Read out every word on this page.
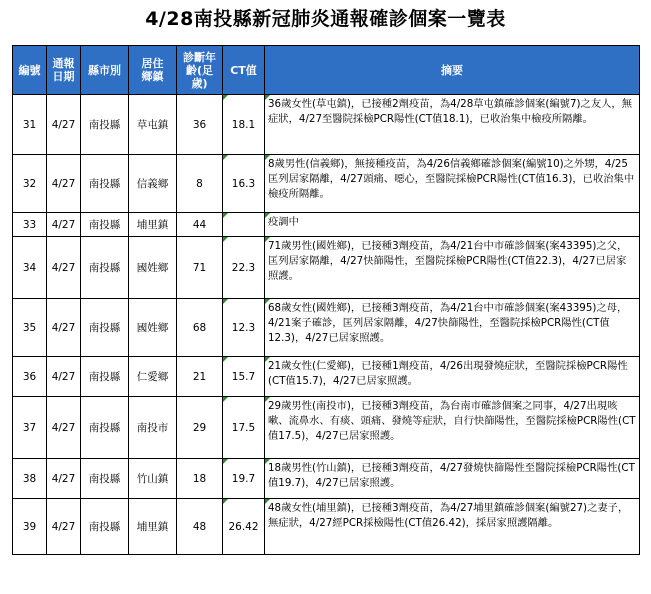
4/28南投縣新冠肺炎通報確診個案一覽表
編號	通報日期	縣市別	居住鄉鎮	診斷年齡(足歲)	CT值	摘要
31	4/27	南投縣	草屯鎮	36	18.1	36歲女性(草屯鎮)，已接種2劑疫苗，為4/28草屯鎮確診個案(編號7)之友人，無症狀，4/27至醫院採檢PCR陽性(CT值18.1)，已收治集中檢疫所隔離。
32	4/27	南投縣	信義鄉	8	16.3	8歲男性(信義鄉)，無接種疫苗，為4/26信義鄉確診個案(編號10)之外甥，4/25匡列居家隔離，4/27頭痛、噁心，至醫院採檢PCR陽性(CT值16.3)，已收治集中檢疫所隔離。
33	4/27	南投縣	埔里鎮	44		疫調中
34	4/27	南投縣	國姓鄉	71	22.3	71歲男性(國姓鄉)，已接種3劑疫苗，為4/21台中市確診個案(案43395)之父，匡列居家隔離，4/27快篩陽性，至醫院採檢PCR陽性(CT值22.3)，4/27已居家照護。
35	4/27	南投縣	國姓鄉	68	12.3	68歲女性(國姓鄉)，已接種3劑疫苗，為4/21台中市確診個案(案43395)之母，4/21案子確診，匡列居家隔離，4/27快篩陽性，至醫院採檢PCR陽性(CT值12.3)，4/27已居家照護。
36	4/27	南投縣	仁愛鄉	21	15.7	21歲女性(仁愛鄉)，已接種1劑疫苗，4/26出現發燒症狀，至醫院採檢PCR陽性(CT值15.7)，4/27已居家照護。
37	4/27	南投縣	南投市	29	17.5	29歲男性(南投市)，已接種3劑疫苗，為台南市確診個案之同事，4/27出現咳嗽、流鼻水、有痰、頭痛、發燒等症狀，自行快篩陽性，至醫院採檢PCR陽性(CT值17.5)，4/27已居家照護。
38	4/27	南投縣	竹山鎮	18	19.7	18歲男性(竹山鎮)，已接種3劑疫苗，4/27發燒快篩陽性至醫院採檢PCR陽性(CT值19.7)，4/27已居家照護。
39	4/27	南投縣	埔里鎮	48	26.42	48歲女性(埔里鎮)，已接種3劑疫苗，為4/27埔里鎮確診個案(編號27)之妻子，無症狀，4/27經PCR採檢陽性(CT值26.42)，採居家照護隔離。
